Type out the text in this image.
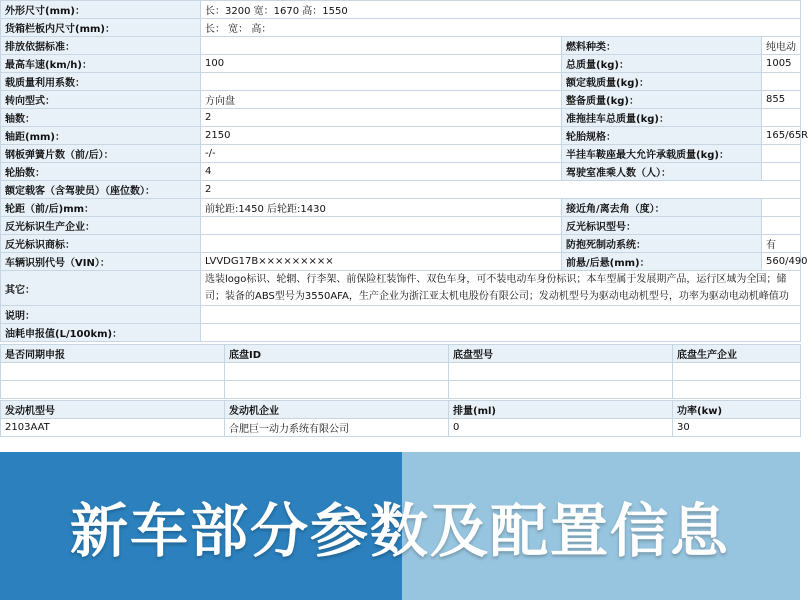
外形尺寸(mm)：	长：3200 宽：1670 高：1550		
货箱栏板内尺寸(mm)：	长： 宽： 高：		
排放依据标准：		燃料种类：	纯电动
最高车速(km/h)：	100	总质量(kg)：	1005
载质量利用系数：		额定载质量(kg)：	
转向型式：	方向盘	整备质量(kg)：	855
轴数：	2	准拖挂车总质量(kg)：	
轴距(mm)：	2150	轮胎规格：	165/65R
钢板弹簧片数（前/后）：	-/-	半挂车鞍座最大允许承载质量(kg)：	
轮胎数：	4	驾驶室准乘人数（人）：	
额定载客（含驾驶员）（座位数）：	2		
轮距（前/后)mm：	前轮距:1450 后轮距:1430	接近角/离去角（度）：	
反光标识生产企业：		反光标识型号：	
反光标识商标：		防抱死制动系统：	有
车辆识别代号（VIN）：	LVVDG17B×××××××××	前悬/后悬(mm)：	560/490
其它：	选装logo标识、轮辋、行李架、前保险杠装饰件、双色车身，可不装电动车身份标识；本车型属于发展期产品，运行区域为全国；储
司；装备的ABS型号为3550AFA，生产企业为浙江亚太机电股份有限公司；发动机型号为驱动电动机型号，功率为驱动电动机峰值功		

说明：			
油耗申报值(L/100km)：			
是否同期申报	底盘ID	底盘型号	底盘生产企业

发动机型号	发动机企业	排量(ml)	功率(kw)
2103AAT	合肥巨一动力系统有限公司	0	30
新车部分参数及配置信息
